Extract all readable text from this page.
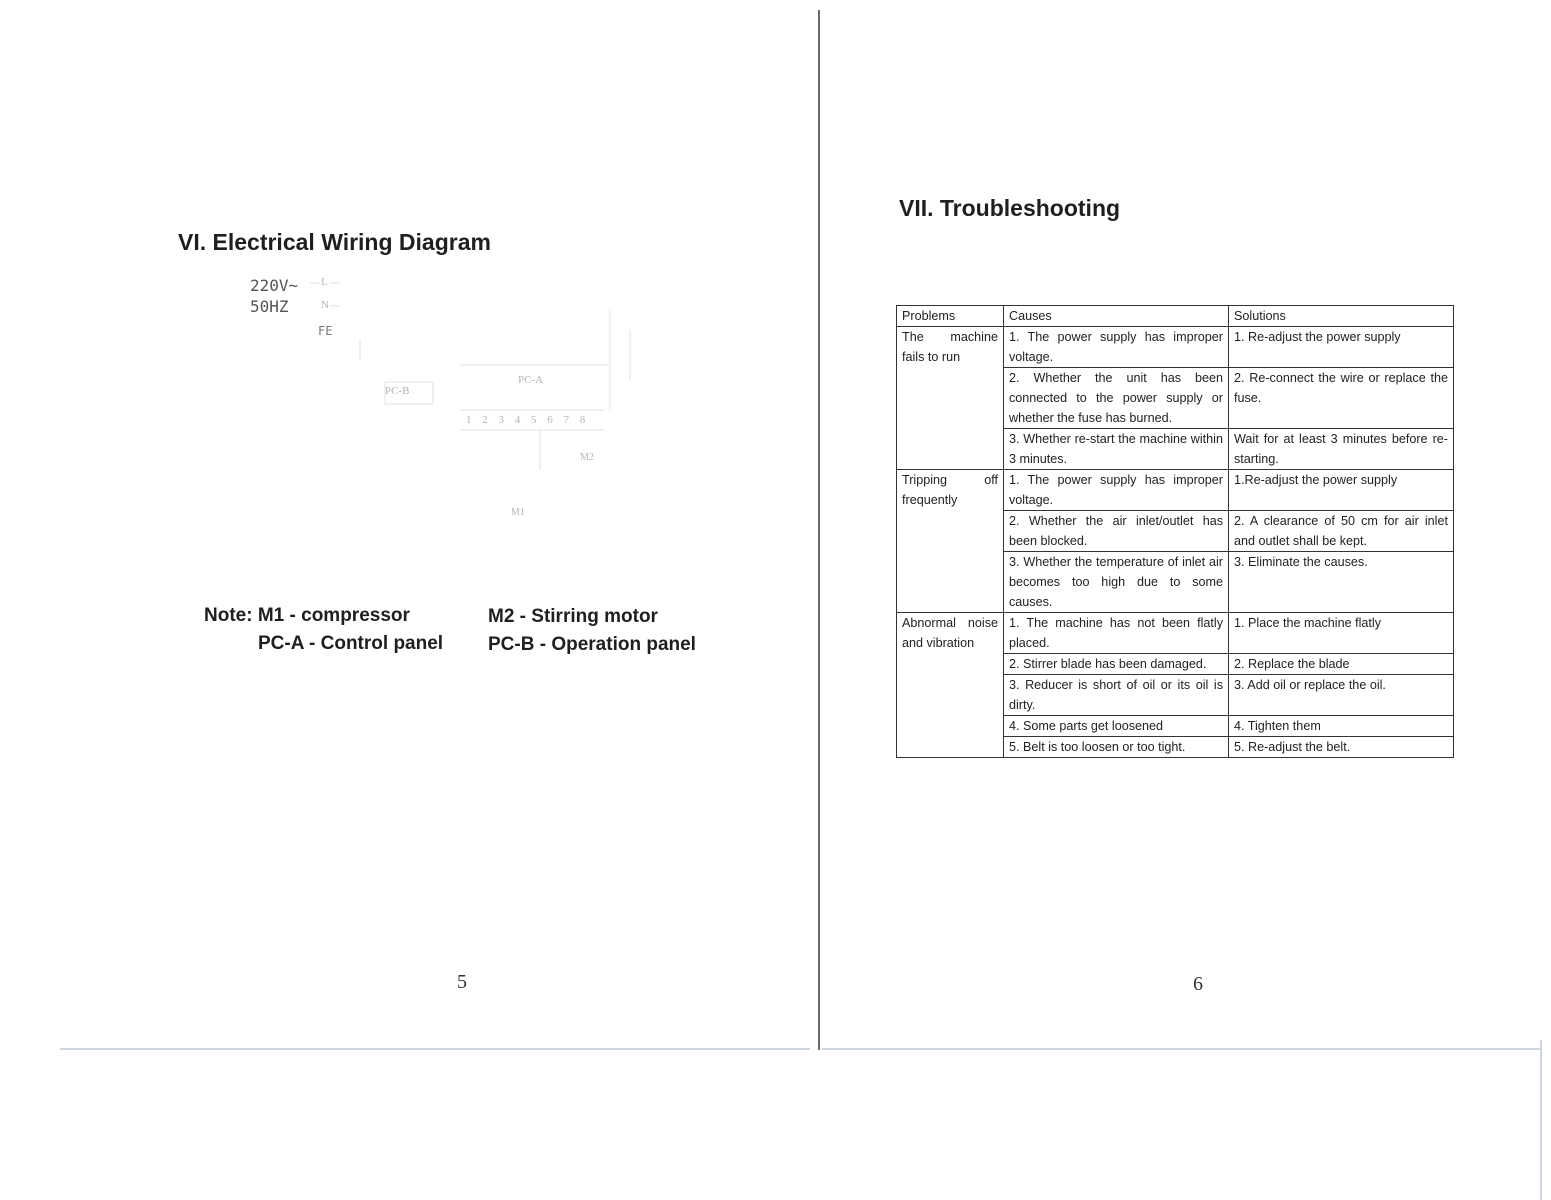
VI. Electrical Wiring Diagram
220V~
50HZ
L
N
FE
PC-B
PC-A
1 2 3 4 5 6 7 8
M2
M1
Note: M1 - compressor	M2 - Stirring motor
PC-A - Control panel PC-B - Operation panel
5
VII. Troubleshooting
Problems	Causes	Solutions
The machine fails to run	1. The power supply has improper voltage.	1. Re-adjust the power supply
	2. Whether the unit has been connected to the power supply or whether the fuse has burned.	2. Re-connect the wire or replace the fuse.
	3. Whether re-start the machine within 3 minutes.	Wait for at least 3 minutes before re-starting.
Tripping off frequently	1. The power supply has improper voltage.	1.Re-adjust the power supply
	2. Whether the air inlet/outlet has been blocked.	2. A clearance of 50 cm for air inlet and outlet shall be kept.
	3. Whether the temperature of inlet air becomes too high due to some causes.	3. Eliminate the causes.
Abnormal noise and vibration	1. The machine has not been flatly placed.	1. Place the machine flatly
	2. Stirrer blade has been damaged.	2. Replace the blade
	3. Reducer is short of oil or its oil is dirty.	3. Add oil or replace the oil.
	4. Some parts get loosened	4. Tighten them
	5. Belt is too loosen or too tight.	5. Re-adjust the belt.
6
